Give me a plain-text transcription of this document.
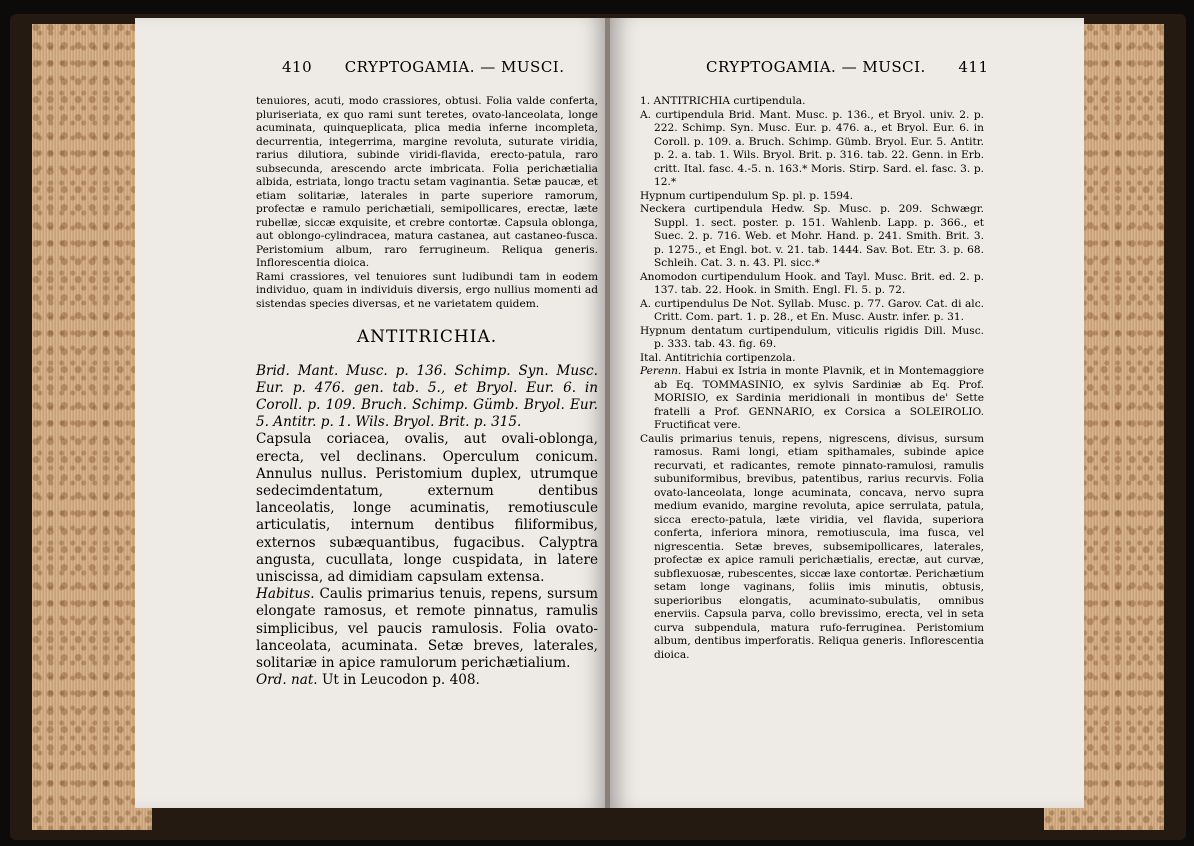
410 CRYPTOGAMIA. — MUSCI.	CRYPTOGAMIA. — MUSCI. 411

tenuiores, acuti, modo crassiores, obtusi. Folia valde conferta, pluriseriata, ex quo rami sunt teretes, ovato-lanceolata, longe acuminata, quinqueplicata, plica media inferne incompleta, decurrentia, integerrima, margine revoluta, suturate viridia, rarius dilutiora, subinde viridi-flavida, erecto-patula, raro subsecunda, arescendo arcte imbricata. Folia perichætialia albida, estriata, longo tractu setam vaginantia. Setæ paucæ, et etiam solitariæ, laterales in parte superiore ramorum, profectæ e ramulo perichætiali, semipollicares, erectæ, læte rubellæ, siccæ exquisite, et crebre contortæ. Capsula oblonga, aut oblongo-cylindracea, matura castanea, aut castaneo-fusca. Peristomium album, raro ferrugineum. Reliqua generis. Inflorescentia dioica.

Rami crassiores, vel tenuiores sunt ludibundi tam in eodem individuo, quam in individuis diversis, ergo nullius momenti ad sistendas species diversas, et ne varietatem quidem.

ANTITRICHIA.

Brid. Mant. Musc. p. 136. Schimp. Syn. Musc. Eur. p. 476. gen. tab. 5., et Bryol. Eur. 6. in Coroll. p. 109. Bruch. Schimp. Gümb. Bryol. Eur. 5. Antitr. p. 1. Wils. Bryol. Brit. p. 315.

Capsula coriacea, ovalis, aut ovali-oblonga, erecta, vel declinans. Operculum conicum. Annulus nullus. Peristomium duplex, utrumque sedecimdentatum, externum dentibus lanceolatis, longe acuminatis, remotiuscule articulatis, internum dentibus filiformibus, externos subæquantibus, fugacibus. Calyptra angusta, cucullata, longe cuspidata, in latere uniscissa, ad dimidiam capsulam extensa.

Habitus. Caulis primarius tenuis, repens, sursum elongate ramosus, et remote pinnatus, ramulis simplicibus, vel paucis ramulosis. Folia ovato-lanceolata, acuminata. Setæ breves, laterales, solitariæ in apice ramulorum perichætialium.

Ord. nat. Ut in Leucodon p. 408.

1. ANTITRICHIA curtipendula.

A. curtipendula Brid. Mant. Musc. p. 136., et Bryol. univ. 2. p. 222. Schimp. Syn. Musc. Eur. p. 476. a., et Bryol. Eur. 6. in Coroll. p. 109. a. Bruch. Schimp. Gümb. Bryol. Eur. 5. Antitr. p. 2. a. tab. 1. Wils. Bryol. Brit. p. 316. tab. 22. Genn. in Erb. critt. Ital. fasc. 4.-5. n. 163.* Moris. Stirp. Sard. el. fasc. 3. p. 12.*

Hypnum curtipendulum Sp. pl. p. 1594.

Neckera curtipendula Hedw. Sp. Musc. p. 209. Schwægr. Suppl. 1. sect. poster. p. 151. Wahlenb. Lapp. p. 366., et Suec. 2. p. 716. Web. et Mohr. Hand. p. 241. Smith. Brit. 3. p. 1275., et Engl. bot. v. 21. tab. 1444. Sav. Bot. Etr. 3. p. 68. Schleih. Cat. 3. n. 43. Pl. sicc.*

Anomodon curtipendulum Hook. and Tayl. Musc. Brit. ed. 2. p. 137. tab. 22. Hook. in Smith. Engl. Fl. 5. p. 72.

A. curtipendulus De Not. Syllab. Musc. p. 77. Garov. Cat. di alc. Critt. Com. part. 1. p. 28., et En. Musc. Austr. infer. p. 31.

Hypnum dentatum curtipendulum, viticulis rigidis Dill. Musc. p. 333. tab. 43. fig. 69.

Ital. Antitrichia cortipenzola.

Perenn. Habui ex Istria in monte Plavnik, et in Montemaggiore ab Eq. TOMMASINIO, ex sylvis Sardiniæ ab Eq. Prof. MORISIO, ex Sardinia meridionali in montibus de' Sette fratelli a Prof. GENNARIO, ex Corsica a SOLEIROLIO. Fructificat vere.

Caulis primarius tenuis, repens, nigrescens, divisus, sursum ramosus. Rami longi, etiam spithamales, subinde apice recurvati, et radicantes, remote pinnato-ramulosi, ramulis subuniformibus, brevibus, patentibus, rarius recurvis. Folia ovato-lanceolata, longe acuminata, concava, nervo supra medium evanido, margine revoluta, apice serrulata, patula, sicca erecto-patula, læte viridia, vel flavida, superiora conferta, inferiora minora, remotiuscula, ima fusca, vel nigrescentia. Setæ breves, subsemipollicares, laterales, profectæ ex apice ramuli perichætialis, erectæ, aut curvæ, subflexuosæ, rubescentes, siccæ laxe contortæ. Perichætium setam longe vaginans, foliis imis minutis, obtusis, superioribus elongatis, acuminato-subulatis, omnibus enerviis. Capsula parva, collo brevissimo, erecta, vel in seta curva subpendula, matura rufo-ferruginea. Peristomium album, dentibus imperforatis. Reliqua generis. Inflorescentia dioica.
